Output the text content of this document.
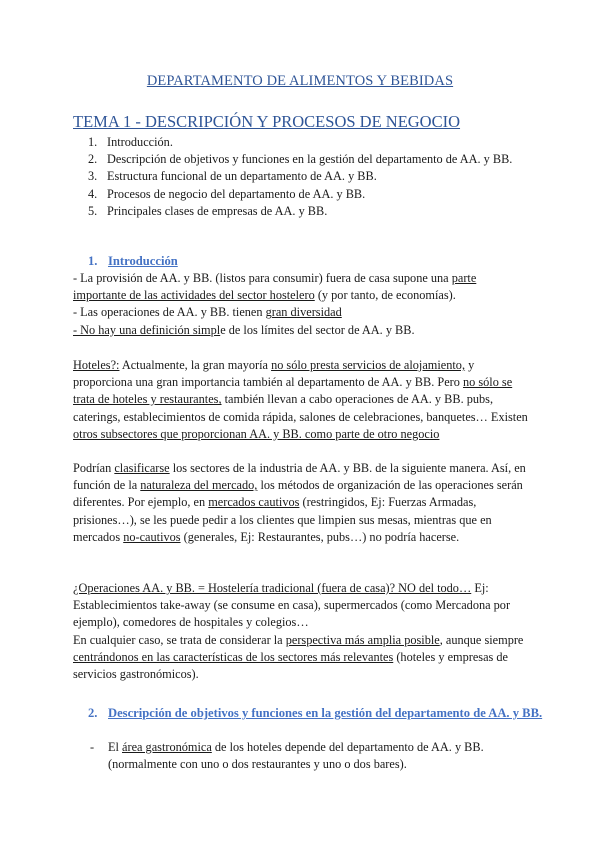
DEPARTAMENTO DE ALIMENTOS Y BEBIDAS
TEMA 1 - DESCRIPCIÓN Y PROCESOS DE NEGOCIO
1. Introducción.
2. Descripción de objetivos y funciones en la gestión del departamento de AA. y BB.
3. Estructura funcional de un departamento de AA. y BB.
4. Procesos de negocio del departamento de AA. y BB.
5. Principales clases de empresas de AA. y BB.
1. Introducción
- La provisión de AA. y BB. (listos para consumir) fuera de casa supone una parte importante de las actividades del sector hostelero (y por tanto, de economías).
- Las operaciones de AA. y BB. tienen gran diversidad
- No hay una definición simple de los límites del sector de AA. y BB.
Hoteles?: Actualmente, la gran mayoría no sólo presta servicios de alojamiento, y proporciona una gran importancia también al departamento de AA. y BB. Pero no sólo se trata de hoteles y restaurantes, también llevan a cabo operaciones de AA. y BB. pubs, caterings, establecimientos de comida rápida, salones de celebraciones, banquetes… Existen otros subsectores que proporcionan AA. y BB. como parte de otro negocio
Podrían clasificarse los sectores de la industria de AA. y BB. de la siguiente manera. Así, en función de la naturaleza del mercado, los métodos de organización de las operaciones serán diferentes. Por ejemplo, en mercados cautivos (restringidos, Ej: Fuerzas Armadas, prisiones…), se les puede pedir a los clientes que limpien sus mesas, mientras que en mercados no-cautivos (generales, Ej: Restaurantes, pubs…) no podría hacerse.
¿Operaciones AA. y BB. = Hostelería tradicional (fuera de casa)? NO del todo… Ej: Establecimientos take-away (se consume en casa), supermercados (como Mercadona por ejemplo), comedores de hospitales y colegios…
En cualquier caso, se trata de considerar la perspectiva más amplia posible, aunque siempre centrándonos en las características de los sectores más relevantes (hoteles y empresas de servicios gastronómicos).
2. Descripción de objetivos y funciones en la gestión del departamento de AA. y BB.
- El área gastronómica de los hoteles depende del departamento de AA. y BB. (normalmente con uno o dos restaurantes y uno o dos bares).
